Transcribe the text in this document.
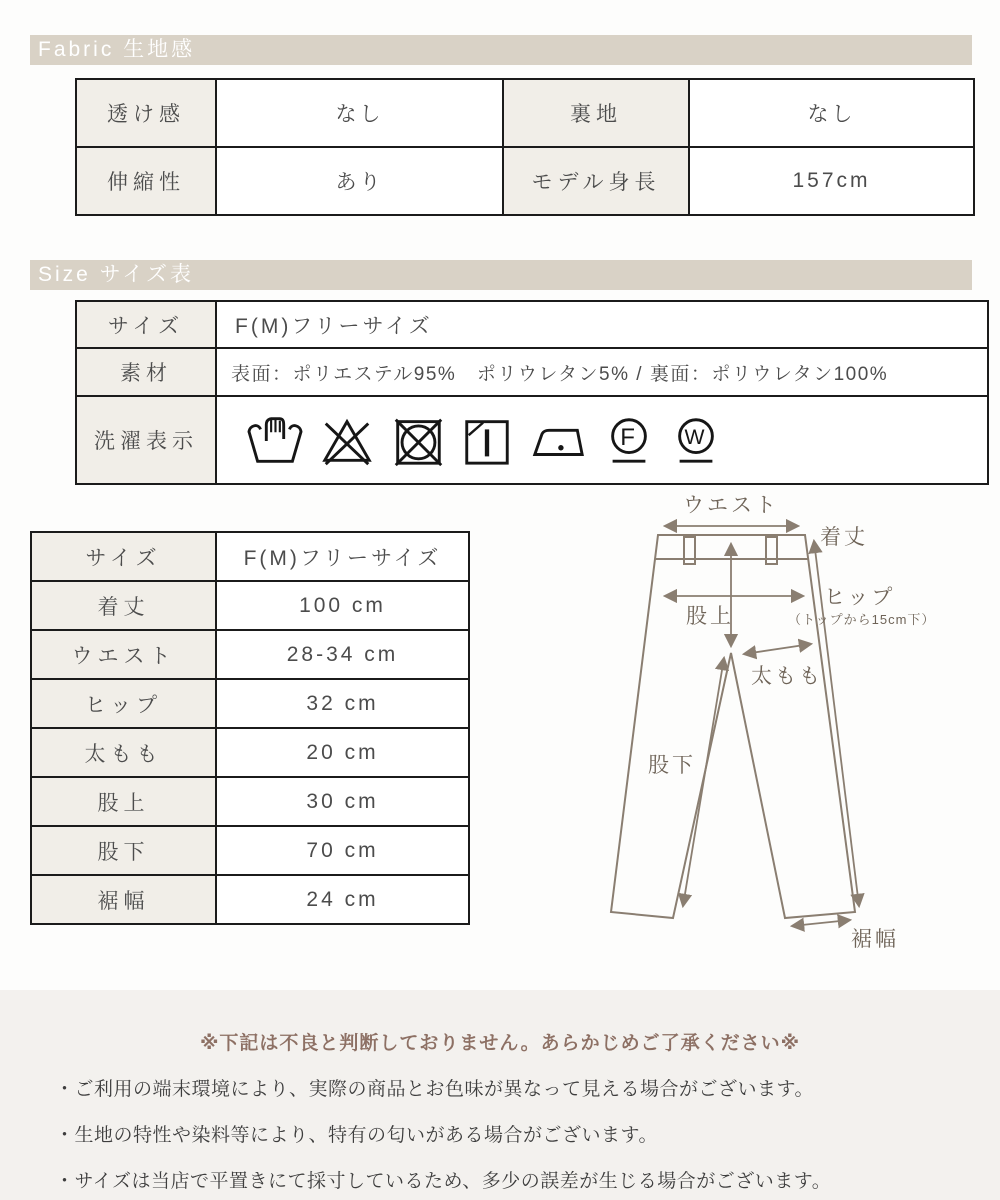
Fabric 生地感
透け感	なし	裏地	なし
伸縮性	あり	モデル身長	157cm
Size サイズ表
サイズ	F(M)フリーサイズ
素材	表面：ポリエステル95%　ポリウレタン5% / 裏面：ポリウレタン100%
洗濯表示	F W
サイズ	F(M)フリーサイズ
着丈	100 cm
ウエスト	28-34 cm
ヒップ	32 cm
太もも	20 cm
股上	30 cm
股下	70 cm
裾幅	24 cm
ウエスト
着丈
ヒップ
（トップから15cm下）
股上
太もも
股下
裾幅
※下記は不良と判断しておりません。あらかじめご了承ください※
・ご利用の端末環境により、実際の商品とお色味が異なって見える場合がございます。
・生地の特性や染料等により、特有の匂いがある場合がございます。
・サイズは当店で平置きにて採寸しているため、多少の誤差が生じる場合がございます。
